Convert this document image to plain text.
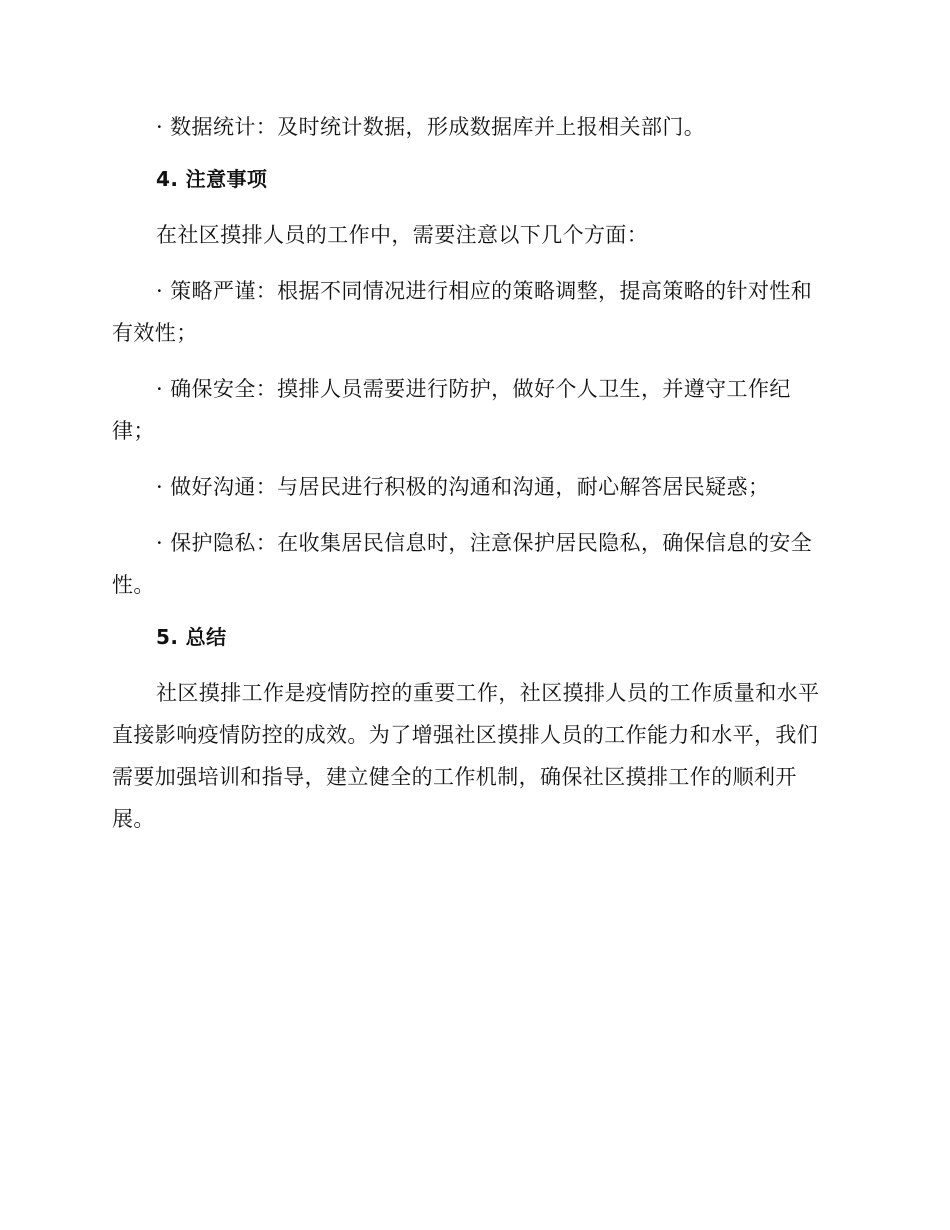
· 数据统计：及时统计数据，形成数据库并上报相关部门。

4. 注意事项

在社区摸排人员的工作中，需要注意以下几个方面：

· 策略严谨：根据不同情况进行相应的策略调整，提高策略的针对性和有效性；

· 确保安全：摸排人员需要进行防护，做好个人卫生，并遵守工作纪律；

· 做好沟通：与居民进行积极的沟通和沟通，耐心解答居民疑惑；

· 保护隐私：在收集居民信息时，注意保护居民隐私，确保信息的安全性。

5. 总结

社区摸排工作是疫情防控的重要工作，社区摸排人员的工作质量和水平直接影响疫情防控的成效。为了增强社区摸排人员的工作能力和水平，我们需要加强培训和指导，建立健全的工作机制，确保社区摸排工作的顺利开展。
